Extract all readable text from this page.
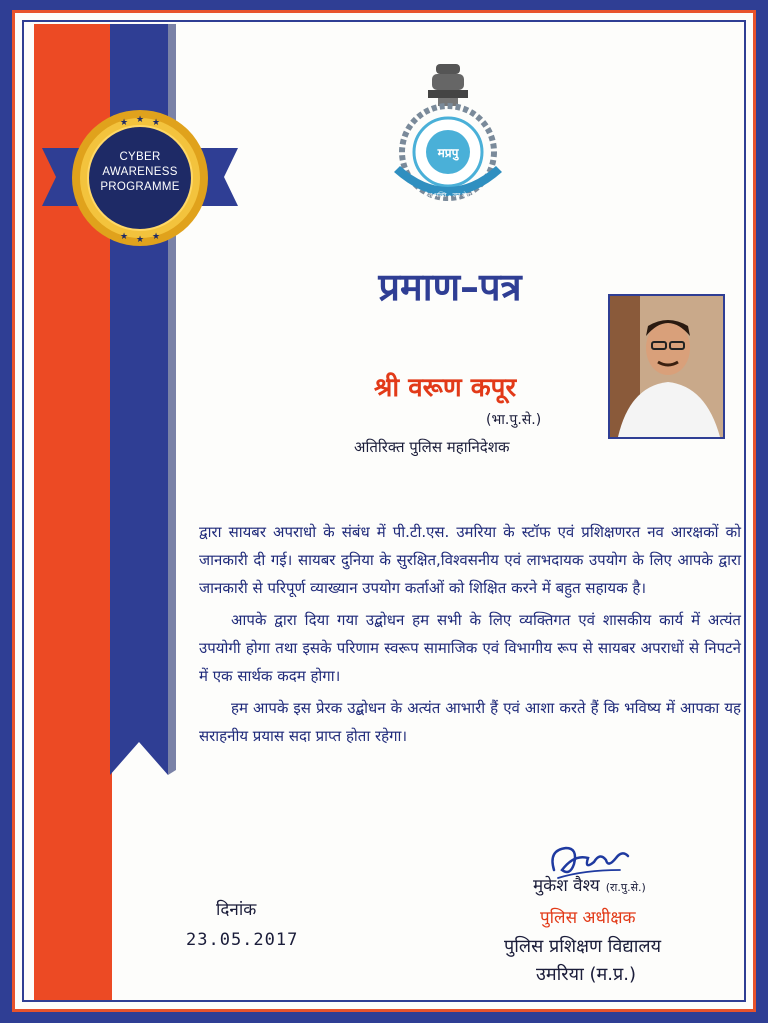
★
★	★
★
★	★
CYBER
AWARENESS
PROGRAMME
मप्रपु
देश भक्ति - जन सेवा
प्रमाण–पत्र
श्री वरूण कपूर
(भा.पु.से.)
अतिरिक्त पुलिस महानिदेशक

द्वारा सायबर अपराधो के संबंध में पी.टी.एस. उमरिया के स्टॉफ एवं प्रशिक्षणरत नव आरक्षकों को जानकारी दी गई। सायबर दुनिया के सुरक्षित,विश्वसनीय एवं लाभदायक उपयोग के लिए आपके द्वारा जानकारी से परिपूर्ण व्याख्यान उपयोग कर्ताओं को शिक्षित करने में बहुत सहायक है।

आपके द्वारा दिया गया उद्बोधन हम सभी के लिए व्यक्तिगत एवं शासकीय कार्य में अत्यंत उपयोगी होगा तथा इसके परिणाम स्वरूप सामाजिक एवं विभागीय रूप से सायबर अपराधों से निपटने में एक सार्थक कदम होगा।

हम आपके इस प्रेरक उद्बोधन के अत्यंत आभारी हैं एवं आशा करते हैं कि भविष्य में आपका यह सराहनीय प्रयास सदा प्राप्त होता रहेगा।

दिनांक
23.05.2017
मुकेश वैश्य (रा.पु.से.)
पुलिस अधीक्षक
पुलिस प्रशिक्षण विद्यालय
उमरिया (म.प्र.)
